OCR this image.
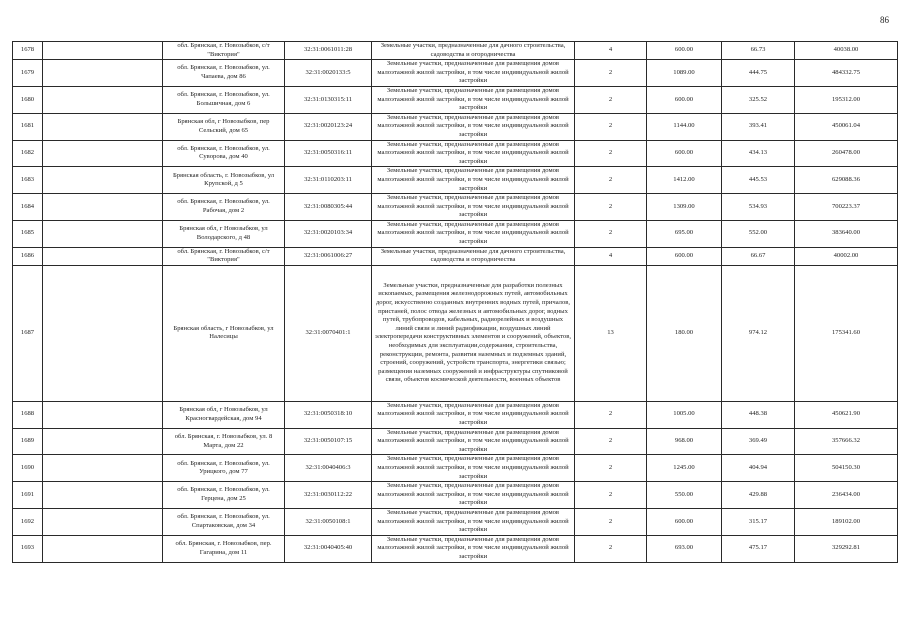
86
1678		обл. Брянская, г. Новозыбков, с/т "Виктория"	32:31:0061011:28	Земельные участки, предназначенные для дачного строительства, садоводства и огородничества	4	600.00	66.73	40038.00
1679		обл. Брянская, г. Новозыбков, ул. Чапаева, дом 86	32:31:0020133:5	Земельные участки, предназначенные для размещения домов малоэтажной жилой застройки, в том числе индивидуальной жилой застройки	2	1089.00	444.75	484332.75
1680		обл. Брянская, г. Новозыбков, ул. Большичная, дом 6	32:31:0130315:11	Земельные участки, предназначенные для размещения домов малоэтажной жилой застройки, в том числе индивидуальной жилой застройки	2	600.00	325.52	195312.00
1681		Брянская обл, г Новозыбков, пер Сельский, дом 65	32:31:0020123:24	Земельные участки, предназначенные для размещения домов малоэтажной жилой застройки, в том числе индивидуальной жилой застройки	2	1144.00	393.41	450061.04
1682		обл. Брянская, г. Новозыбков, ул. Суворова, дом 40	32:31:0050316:11	Земельные участки, предназначенные для размещения домов малоэтажной жилой застройки, в том числе индивидуальной жилой застройки	2	600.00	434.13	260478.00
1683		Брянская область, г. Новозыбков, ул Крупской, д 5	32:31:0110203:11	Земельные участки, предназначенные для размещения домов малоэтажной жилой застройки, в том числе индивидуальной жилой застройки	2	1412.00	445.53	629088.36
1684		обл. Брянская, г. Новозыбков, ул. Рабочая, дом 2	32:31:0080305:44	Земельные участки, предназначенные для размещения домов малоэтажной жилой застройки, в том числе индивидуальной жилой застройки	2	1309.00	534.93	700223.37
1685		Брянская обл, г Новозыбков, ул Володарского, д 48	32:31:0020103:34	Земельные участки, предназначенные для размещения домов малоэтажной жилой застройки, в том числе индивидуальной жилой застройки	2	695.00	552.00	383640.00
1686		обл. Брянская, г. Новозыбков, с/т "Виктория"	32:31:0061006:27	Земельные участки, предназначенные для дачного строительства, садоводства и огородничества	4	600.00	66.67	40002.00
1687		Брянская область, г Новозыбков, ул Налесицы	32:31:0070401:1	Земельные участки, предназначенные для разработки полезных ископаемых, размещения железнодорожных путей, автомобильных дорог, искусственно созданных внутренних водных путей, причалов, пристаней, полос отвода железных и автомобильных дорог, водных путей, трубопроводов, кабельных, радиорелейных и воздушных линий связи и линий радиофикации, воздушных линий электропередачи конструктивных элементов и сооружений, объектов, необходимых для эксплуатации,содержания, строительства, реконструкции, ремонта, развития наземных и подземных зданий, строений, сооружений, устройств транспорта, энергетики связью; размещения наземных сооружений и инфраструктуры спутниковой связи, объектов космической деятельности, военных объектов	13	180.00	974.12	175341.60
1688		Брянская обл, г Новозыбков, ул Красногвардейская, дом 94	32:31:0050318:10	Земельные участки, предназначенные для размещения домов малоэтажной жилой застройки, в том числе индивидуальной жилой застройки	2	1005.00	448.38	450621.90
1689		обл. Брянская, г. Новозыбков, ул. 8 Марта, дом 22	32:31:0050107:15	Земельные участки, предназначенные для размещения домов малоэтажной жилой застройки, в том числе индивидуальной жилой застройки	2	968.00	369.49	357666.32
1690		обл. Брянская, г. Новозыбков, ул. Урицкого, дом 77	32:31:0040406:3	Земельные участки, предназначенные для размещения домов малоэтажной жилой застройки, в том числе индивидуальной жилой застройки	2	1245.00	404.94	504150.30
1691		обл. Брянская, г. Новозыбков, ул. Герцена, дом 25	32:31:0030112:22	Земельные участки, предназначенные для размещения домов малоэтажной жилой застройки, в том числе индивидуальной жилой застройки	2	550.00	429.88	236434.00
1692		обл. Брянская, г. Новозыбков, ул. Спартаковская, дом 34	32:31:0050108:1	Земельные участки, предназначенные для размещения домов малоэтажной жилой застройки, в том числе индивидуальной жилой застройки	2	600.00	315.17	189102.00
1693		обл. Брянская, г. Новозыбков, пер. Гагарина, дом 11	32:31:0040405:40	Земельные участки, предназначенные для размещения домов малоэтажной жилой застройки, в том числе индивидуальной жилой застройки	2	693.00	475.17	329292.81
